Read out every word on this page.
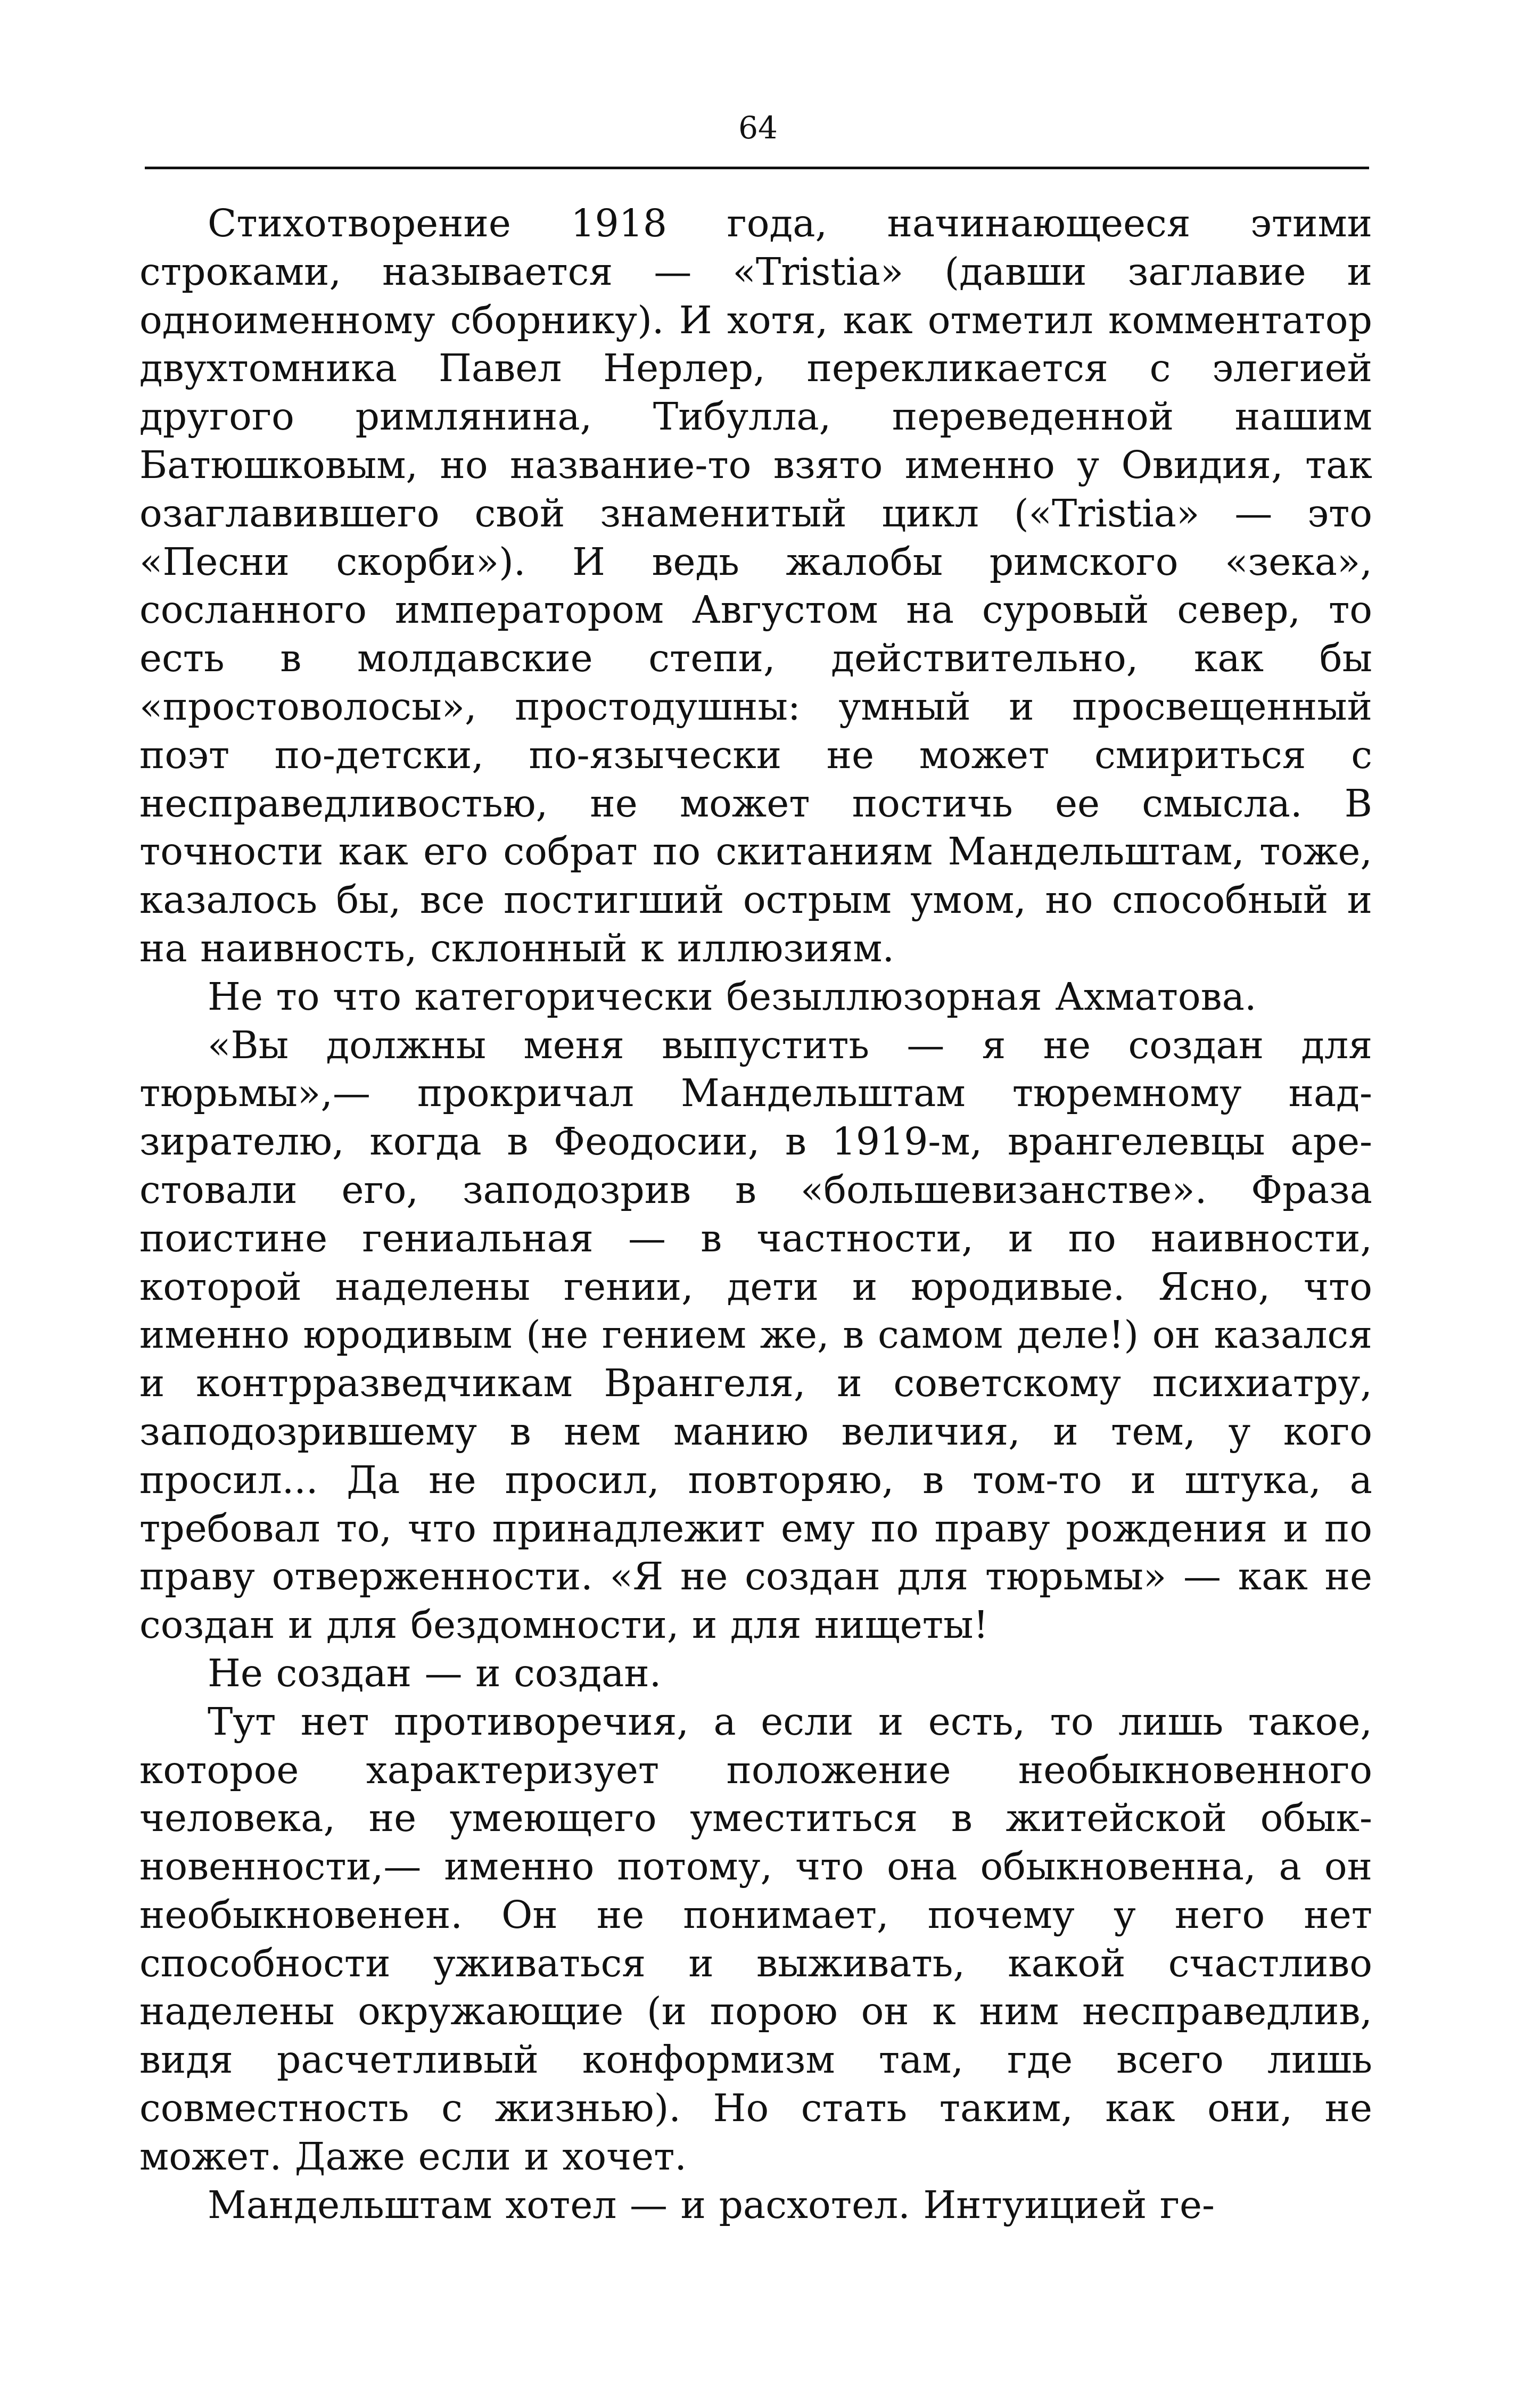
64

Стихотворение 1918 года, начинающееся этими строками, называется — «Tristia» (давши заглавие и одноименному сборнику). И хотя, как отметил комментатор двухтомника Павел Нерлер, перекликается с элегией другого римлянина, Тибулла, переведенной нашим Батюшковым, но название-то взято именно у Овидия, так озаглавившего свой знаменитый цикл («Tristia» — это «Песни скорби»). И ведь жалобы римского «зека», сосланного императором Августом на суровый север, то есть в молдавские степи, действительно, как бы «простоволосы», простодушны: умный и просвещенный поэт по-детски, по-язычески не может смириться с несправедливостью, не может постичь ее смысла. В точности как его собрат по скитаниям Мандельштам, тоже, казалось бы, все постигший острым умом, но способный и на наивность, склонный к иллюзиям.

Не то что категорически безыллюзорная Ахматова.

«Вы должны меня выпустить — я не создан для тюрьмы»,— прокричал Мандельштам тюремному надзирателю, когда в Феодосии, в 1919-м, врангелевцы арестовали его, заподозрив в «большевизанстве». Фраза поистине гениальная — в частности, и по наивности, которой наделены гении, дети и юродивые. Ясно, что именно юродивым (не гением же, в самом деле!) он казался и контрразведчикам Врангеля, и советскому психиатру, заподозрившему в нем манию величия, и тем, у кого просил... Да не просил, повторяю, в том-то и штука, а требовал то, что принадлежит ему по праву рождения и по праву отверженности. «Я не создан для тюрьмы» — как не создан и для бездомности, и для нищеты!

Не создан — и создан.

Тут нет противоречия, а если и есть, то лишь такое, которое характеризует положение необыкновенного человека, не умеющего уместиться в житейской обыкновенности,— именно потому, что она обыкновенна, а он необыкновенен. Он не понимает, почему у него нет способности уживаться и выживать, какой счастливо наделены окружающие (и порою он к ним несправедлив, видя расчетливый конформизм там, где всего лишь совместность с жизнью). Но стать таким, как они, не может. Даже если и хочет.

Мандельштам хотел — и расхотел. Интуицией ге-
